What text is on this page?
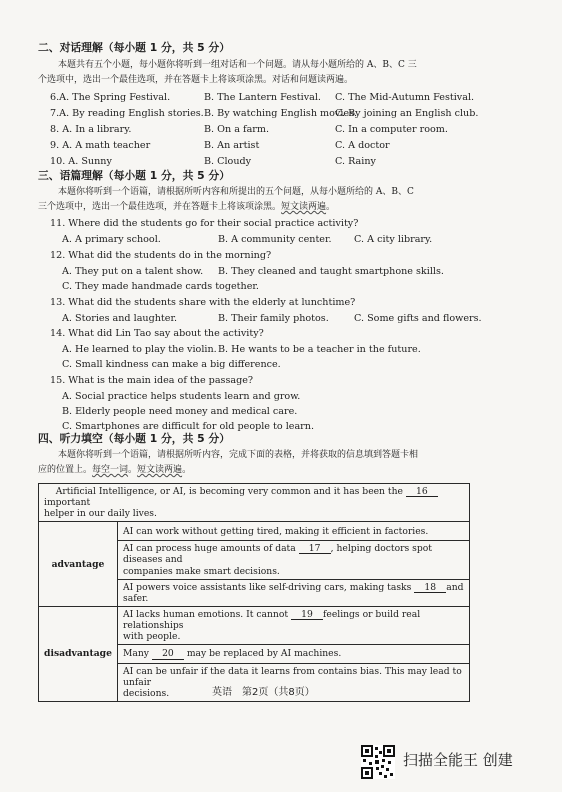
二、对话理解（每小题 1 分，共 5 分）
本题共有五个小题，每小题你将听到一组对话和一个问题。请从每小题所给的 A、B、C 三
个选项中，选出一个最佳选项，并在答题卡上将该项涂黑。对话和问题读两遍。
6.A. The Spring Festival.	B. The Lantern Festival. C. The Mid-Autumn Festival.
7.A. By reading English stories. B. By watching English movies.
C. By joining an English club.
8. A. In a library.	B. On a farm.	C. In a computer room.
9. A. A math teacher	B. An artist	C. A doctor
10. A. Sunny	B. Cloudy	C. Rainy
三、语篇理解（每小题 1 分，共 5 分）
本题你将听到一个语篇，请根据所听内容和所提出的五个问题，从每小题所给的 A、B、C
三个选项中，选出一个最佳选项，并在答题卡上将该项涂黑。短文读两遍。
11. Where did the students go for their social practice activity?
A. A primary school.	B. A community center. C. A city library.
12. What did the students do in the morning?
A. They put on a talent show. B. They cleaned and taught smartphone skills.
C. They made handmade cards together.
13. What did the students share with the elderly at lunchtime?
A. Stories and laughter.	B. Their family photos.	C. Some gifts and flowers.
14. What did Lin Tao say about the activity?
A. He learned to play the violin. B. He wants to be a teacher in the future.
C. Small kindness can make a big difference.
15. What is the main idea of the passage?
A. Social practice helps students learn and grow.
B. Elderly people need money and medical care.
C. Smartphones are difficult for old people to learn.
四、听力填空（每小题 1 分，共 5 分）
本题你将听到一个语篇，请根据所听内容，完成下面的表格，并将获取的信息填到答题卡相
应的位置上。每空一词。短文读两遍。
Artificial Intelligence, or AI, is becoming very common and it has been the 16 important
helper in our daily lives.	
advantage	AI can work without getting tired, making it efficient in factories.
	AI can process huge amounts of data 17 , helping doctors spot diseases and
companies make smart decisions.
	AI powers voice assistants like self-driving cars, making tasks 18 and safer.
disadvantage	AI lacks human emotions. It cannot 19 feelings or build real relationships
with people.
	Many 20 may be replaced by AI machines.
	AI can be unfair if the data it learns from contains bias. This may lead to unfair
decisions.	英语　第2页（共8页）
扫描全能王 创建
